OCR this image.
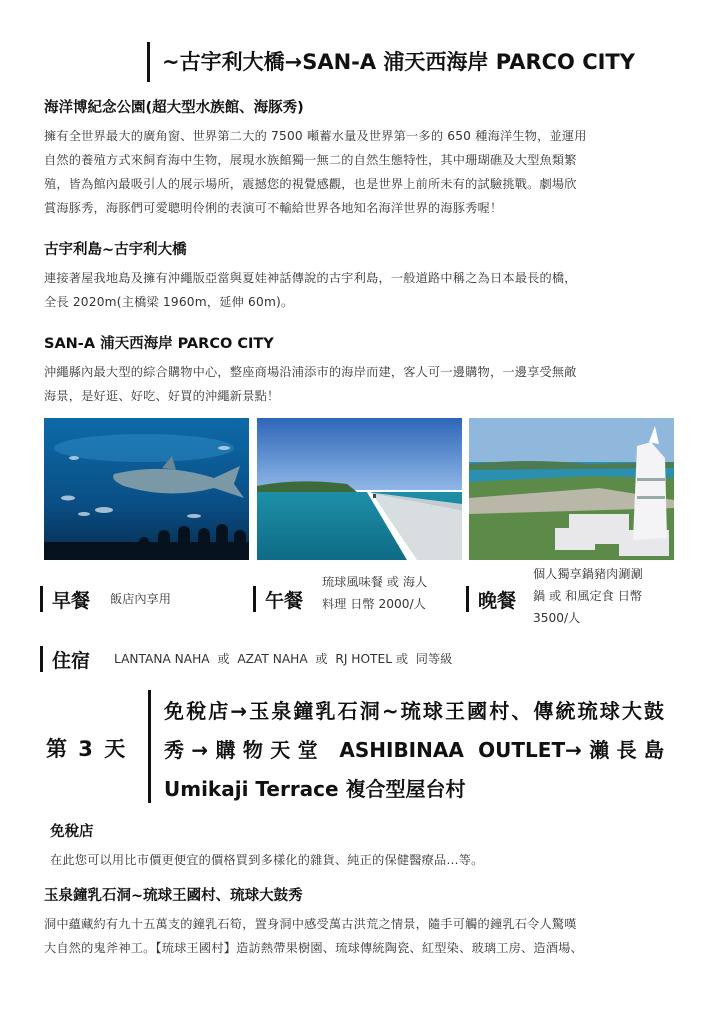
~古宇利大橋→SAN-A 浦天西海岸 PARCO CITY
海洋博紀念公園(超大型水族館、海豚秀)
擁有全世界最大的廣角窗、世界第二大的 7500 噸蓄水量及世界第一多的 650 種海洋生物，並運用
自然的養殖方式來飼育海中生物，展現水族館獨一無二的自然生態特性，其中珊瑚礁及大型魚類繁
殖，皆為館內最吸引人的展示場所，震撼您的視覺感觀，也是世界上前所未有的試驗挑戰。劇場欣
賞海豚秀，海豚們可愛聰明伶俐的表演可不輸給世界各地知名海洋世界的海豚秀喔！
古宇利島~古宇利大橋
連接著屋我地島及擁有沖繩版亞當與夏娃神話傳說的古宇利島，一般道路中稱之為日本最長的橋，
全長 2020m(主橋梁 1960m，延伸 60m)。
SAN-A 浦天西海岸 PARCO CITY
沖繩縣內最大型的綜合購物中心，整座商場沿浦添市的海岸而建，客人可一邊購物，一邊享受無敵
海景，是好逛、好吃、好買的沖繩新景點！
早餐 飯店內享用	午餐
琉球風味餐 或 海人
料理 日幣 2000/人	晚餐
個人獨享鍋豬肉涮涮
鍋 或 和風定食 日幣
3500/人
住宿 LANTANA NAHA  或  AZAT NAHA  或  RJ HOTEL 或  同等級
第 3 天
免稅店→玉泉鐘乳石洞~琉球王國村、傳統琉球大鼓
秀→購物天堂 ASHIBINAA OUTLET→瀨長島
Umikaji Terrace 複合型屋台村
免稅店
在此您可以用比市價更便宜的價格買到多樣化的雜貨、純正的保健醫療品…等。
玉泉鐘乳石洞~琉球王國村、琉球大鼓秀
洞中蘊藏約有九十五萬支的鐘乳石筍，置身洞中感受萬古洪荒之情景，隨手可觸的鐘乳石令人驚嘆
大自然的鬼斧神工。【琉球王國村】造訪熱帶果樹園、琉球傳統陶瓷、紅型染、玻璃工房、造酒場、
